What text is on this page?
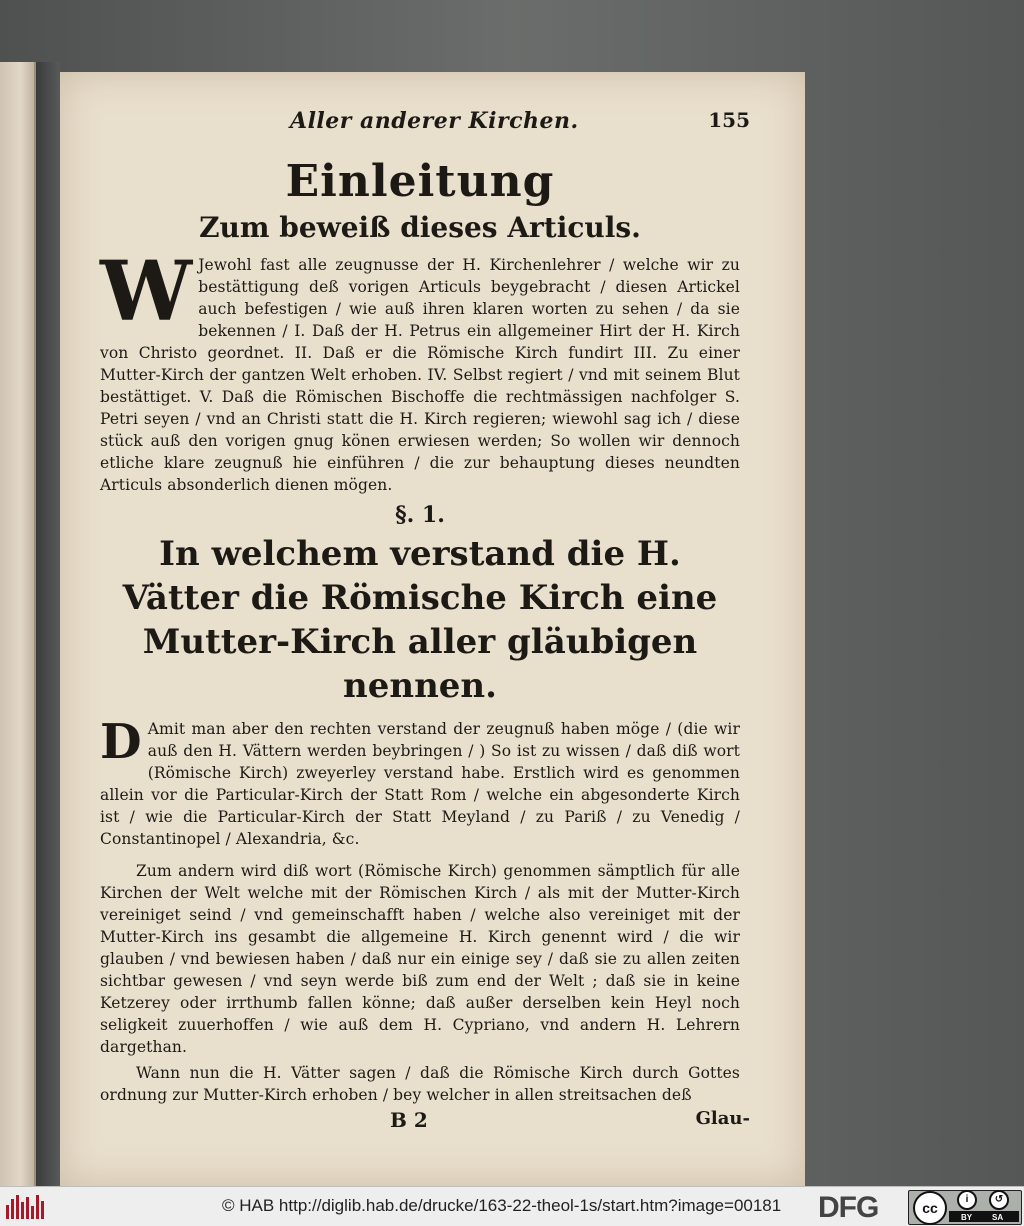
Aller anderer Kirchen.	155
Einleitung
Zum beweiß dieses Articuls.

W Jewohl fast alle zeugnusse der H. Kirchenlehrer / welche wir zu bestättigung deß vorigen Articuls beygebracht / diesen Artickel auch befestigen / wie auß ihren klaren worten zu sehen / da sie bekennen / I. Daß der H. Petrus ein allgemeiner Hirt der H. Kirch von Christo geordnet. II. Daß er die Römische Kirch fundirt III. Zu einer Mutter-Kirch der gantzen Welt erhoben. IV. Selbst regiert / vnd mit seinem Blut bestättiget. V. Daß die Römischen Bischoffe die rechtmässigen nachfolger S. Petri seyen / vnd an Christi statt die H. Kirch regieren; wiewohl sag ich / diese stück auß den vorigen gnug könen erwiesen werden; So wollen wir dennoch etliche klare zeugnuß hie einführen / die zur behauptung dieses neundten Articuls absonderlich dienen mögen.

§. 1.
In welchem verstand die H. Vätter die Römische Kirch eine Mutter-Kirch aller gläubigen nennen.

D Amit man aber den rechten verstand der zeugnuß haben möge / (die wir auß den H. Vättern werden beybringen / ) So ist zu wissen / daß diß wort (Römische Kirch) zweyerley verstand habe. Erstlich wird es genommen allein vor die Particular-Kirch der Statt Rom / welche ein abgesonderte Kirch ist / wie die Particular-Kirch der Statt Meyland / zu Pariß / zu Venedig / Constantinopel / Alexandria, &c.

Zum andern wird diß wort (Römische Kirch) genommen sämptlich für alle Kirchen der Welt welche mit der Römischen Kirch / als mit der Mutter-Kirch vereiniget seind / vnd gemeinschafft haben / welche also vereiniget mit der Mutter-Kirch ins gesambt die allgemeine H. Kirch genennt wird / die wir glauben / vnd bewiesen haben / daß nur ein einige sey / daß sie zu allen zeiten sichtbar gewesen / vnd seyn werde biß zum end der Welt ; daß sie in keine Ketzerey oder irrthumb fallen könne; daß außer derselben kein Heyl noch seligkeit zuuerhoffen / wie auß dem H. Cypriano, vnd andern H. Lehrern dargethan.

Wann nun die H. Vätter sagen / daß die Römische Kirch durch Gottes ordnung zur Mutter-Kirch erhoben / bey welcher in allen streitsachen deß

B 2	Glau-
© HAB http://diglib.hab.de/drucke/163-22-theol-1s/start.htm?image=00181 DFG	cc
i	↺
BY SA
